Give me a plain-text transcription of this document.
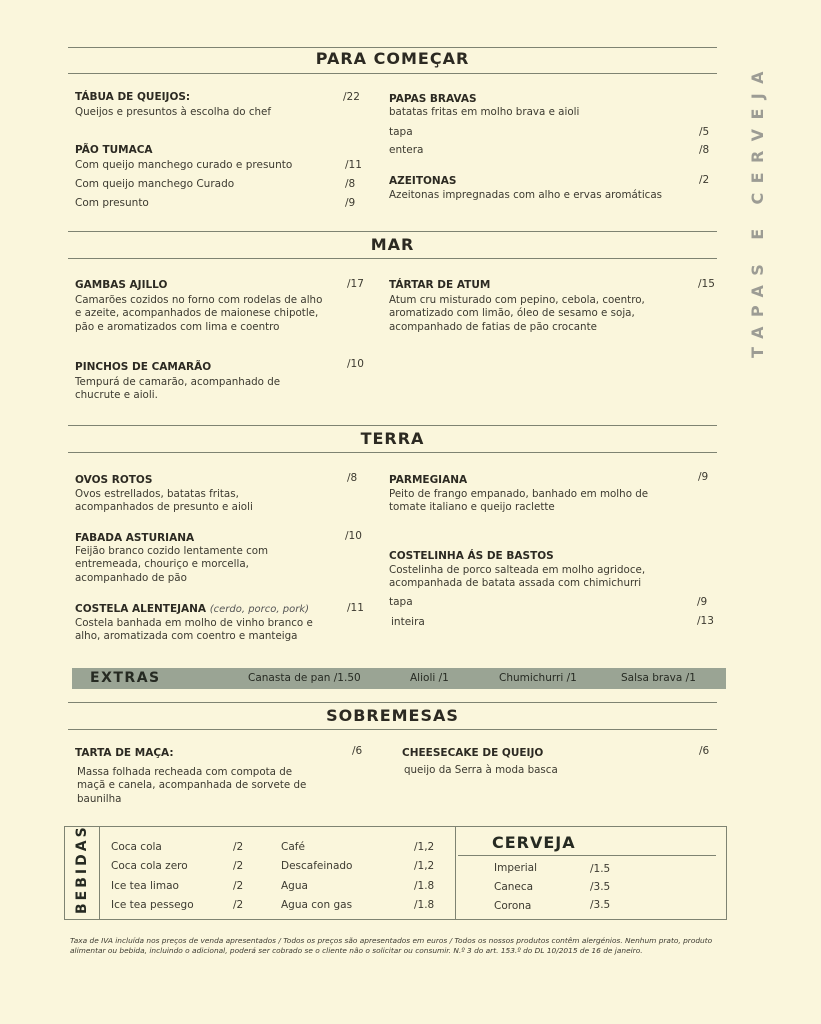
TAPAS E CERVEJA
PARA COMEÇAR
TÁBUA DE QUEIJOS:	/22
Queijos e presuntos à escolha do chef
PÃO TUMACA
Com queijo manchego curado e presunto	/11
Com queijo manchego Curado	/8
Com presunto	/9
PAPAS BRAVAS
batatas fritas em molho brava e aioli
tapa	/5
entera	/8
AZEITONAS	/2
Azeitonas impregnadas com alho e ervas aromáticas
MAR
GAMBAS AJILLO	/17
Camarões cozidos no forno com rodelas de alho e azeite, acompanhados de maionese chipotle, pão e aromatizados com lima e coentro
PINCHOS DE CAMARÃO	/10
Tempurá de camarão, acompanhado de chucrute e aioli.
TÁRTAR DE ATUM	/15
Atum cru misturado com pepino, cebola, coentro, aromatizado com limão, óleo de sesamo e soja, acompanhado de fatias de pão crocante
TERRA
OVOS ROTOS	/8
Ovos estrellados, batatas fritas, acompanhados de presunto e aioli
FABADA ASTURIANA	/10
Feijão branco cozido lentamente com entremeada, chouriço e morcella, acompanhado de pão
COSTELA ALENTEJANA (cerdo, porco, pork)	/11
Costela banhada em molho de vinho branco e alho, aromatizada com coentro e manteiga
PARMEGIANA	/9
Peito de frango empanado, banhado em molho de tomate italiano e queijo raclette
COSTELINHA ÁS DE BASTOS
Costelinha de porco salteada em molho agridoce, acompanhada de batata assada com chimichurri
tapa	/9
inteira	/13
EXTRAS	Canasta de pan /1.50	Alioli /1	Chumichurri /1	Salsa brava /1
SOBREMESAS
TARTA DE MAÇA:	/6
Massa folhada recheada com compota de maçã e canela, acompanhada de sorvete de baunilha
CHEESECAKE DE QUEIJO	/6
queijo da Serra à moda basca
BEBIDAS Coca cola	/2
Coca cola zero	/2
Ice tea limao	/2
Ice tea pessego	/2
Café	/1,2
Descafeinado	/1,2
Agua	/1.8
Agua con gas	/1.8
CERVEJA
Imperial	/1.5
Caneca	/3.5
Corona	/3.5
Taxa de IVA incluída nos preços de venda apresentados / Todos os preços são apresentados em euros / Todos os nossos produtos contêm alergénios. Nenhum prato, produto alimentar ou bebida, incluindo o adicional, poderá ser cobrado se o cliente não o solicitar ou consumir. N.º 3 do art. 153.º do DL 10/2015 de 16 de janeiro.
